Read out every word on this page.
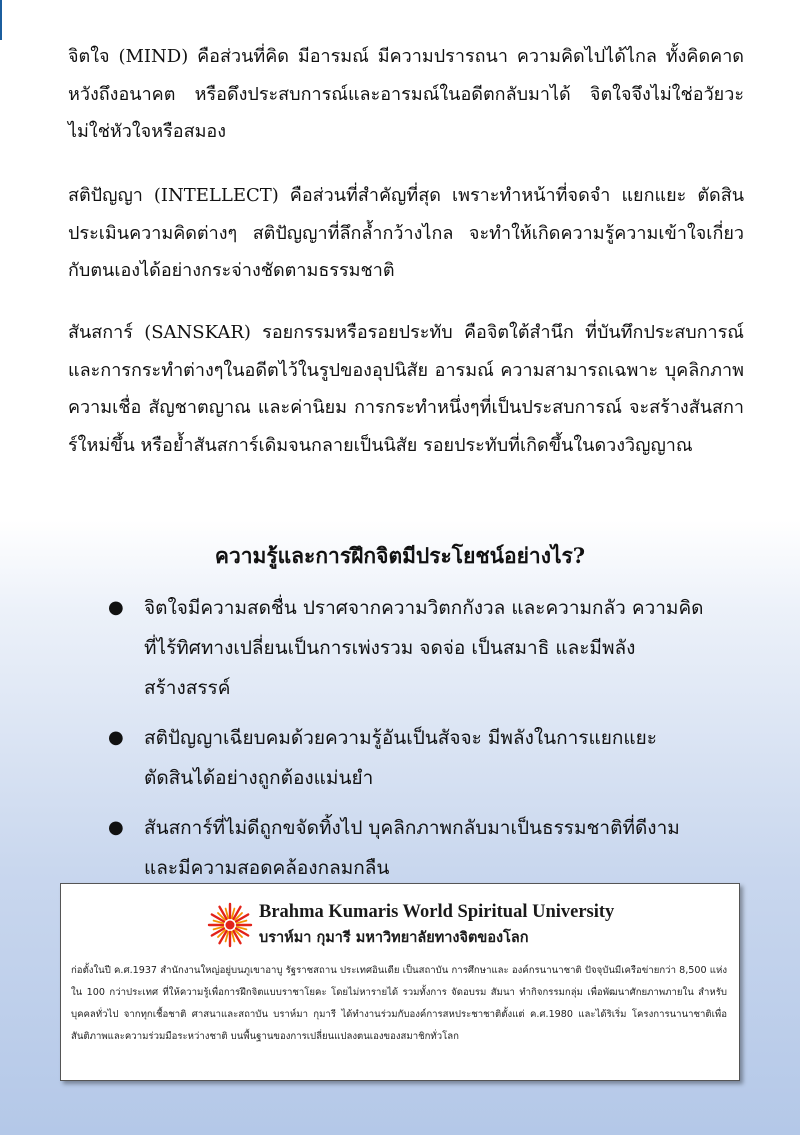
จิตใจ (MIND) คือส่วนที่คิด มีอารมณ์ มีความปรารถนา ความคิดไปได้ไกล ทั้งคิดคาดหวังถึงอนาคต หรือดึงประสบการณ์และอารมณ์ในอดีตกลับมาได้ จิตใจจึงไม่ใช่อวัยวะ ไม่ใช่หัวใจหรือสมอง
สติปัญญา (INTELLECT) คือส่วนที่สำคัญที่สุด เพราะทำหน้าที่จดจำ แยกแยะ ตัดสินประเมินความคิดต่างๆ สติปัญญาที่ลึกล้ำกว้างไกล จะทำให้เกิดความรู้ความเข้าใจเกี่ยวกับตนเองได้อย่างกระจ่างชัดตามธรรมชาติ
สันสการ์ (SANSKAR) รอยกรรมหรือรอยประทับ คือจิตใต้สำนึก ที่บันทึกประสบการณ์และการกระทำต่างๆในอดีตไว้ในรูปของอุปนิสัย อารมณ์ ความสามารถเฉพาะ บุคลิกภาพ ความเชื่อ สัญชาตญาณ และค่านิยม การกระทำหนึ่งๆที่เป็นประสบการณ์ จะสร้างสันสการ์ใหม่ขึ้น หรือย้ำสันสการ์เดิมจนกลายเป็นนิสัย รอยประทับที่เกิดขึ้นในดวงวิญญาณ
ความรู้และการฝึกจิตมีประโยชน์อย่างไร?
● จิตใจมีความสดชื่น ปราศจากความวิตกกังวล และความกลัว ความคิดที่ไร้ทิศทางเปลี่ยนเป็นการเพ่งรวม จดจ่อ เป็นสมาธิ และมีพลังสร้างสรรค์
● สติปัญญาเฉียบคมด้วยความรู้อันเป็นสัจจะ มีพลังในการแยกแยะ ตัดสินได้อย่างถูกต้องแม่นยำ
● สันสการ์ที่ไม่ดีถูกขจัดทิ้งไป บุคลิกภาพกลับมาเป็นธรรมชาติที่ดีงามและมีความสอดคล้องกลมกลืน
Brahma Kumaris World Spiritual University
บราห์มา กุมารี มหาวิทยาลัยทางจิตของโลก
ก่อตั้งในปี ค.ศ.1937 สำนักงานใหญ่อยู่บนภูเขาอาบู รัฐราชสถาน ประเทศอินเดีย เป็นสถาบัน การศึกษาและ องค์กรนานาชาติ ปัจจุบันมีเครือข่ายกว่า 8,500 แห่ง ใน 100 กว่าประเทศ ที่ให้ความรู้เพื่อการฝึกจิตแบบราชาโยคะ โดยไม่หารายได้ รวมทั้งการ จัดอบรม สัมนา ทำกิจกรรมกลุ่ม เพื่อพัฒนาศักยภาพภายใน สำหรับบุคคลทั่วไป จากทุกเชื้อชาติ ศาสนาและสถาบัน บราห์มา กุมารี ได้ทำงานร่วมกับองค์การสหประชาชาติตั้งแต่ ค.ศ.1980 และได้ริเริ่ม โครงการนานาชาติเพื่อสันติภาพและความร่วมมือระหว่างชาติ บนพื้นฐานของการเปลี่ยนแปลงตนเองของสมาชิกทั่วโลก
